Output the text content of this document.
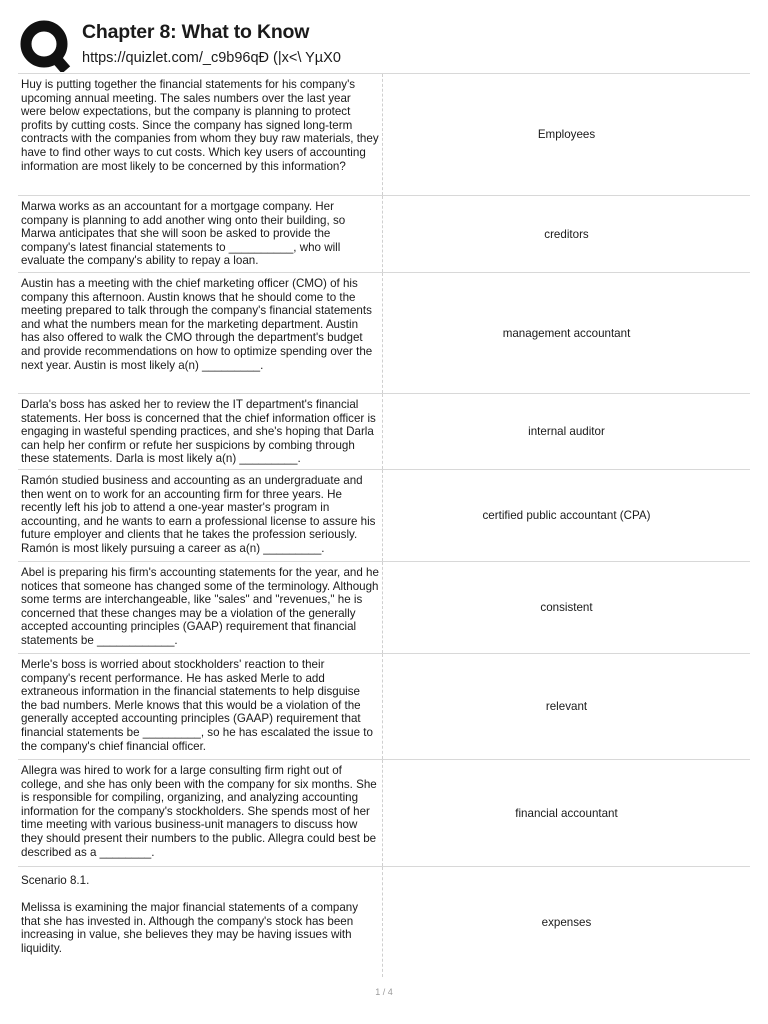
Chapter 8: What to Know
https://quizlet.com/_c9b96qÐ (|x<\ YµX0
Huy is putting together the financial statements for his company's upcoming annual meeting. The sales numbers over the last year were below expectations, but the company is planning to protect profits by cutting costs. Since the company has signed long-term contracts with the companies from whom they buy raw materials, they have to find other ways to cut costs. Which key users of accounting information are most likely to be concerned by this information?
Employees
Marwa works as an accountant for a mortgage company. Her company is planning to add another wing onto their building, so Marwa anticipates that she will soon be asked to provide the company's latest financial statements to __________, who will evaluate the company's ability to repay a loan.
creditors
Austin has a meeting with the chief marketing officer (CMO) of his company this afternoon. Austin knows that he should come to the meeting prepared to talk through the company's financial statements and what the numbers mean for the marketing department. Austin has also offered to walk the CMO through the department's budget and provide recommendations on how to optimize spending over the next year. Austin is most likely a(n) _________.
management accountant
Darla's boss has asked her to review the IT department's financial statements. Her boss is concerned that the chief information officer is engaging in wasteful spending practices, and she's hoping that Darla can help her confirm or refute her suspicions by combing through these statements. Darla is most likely a(n) _________.
internal auditor
Ramón studied business and accounting as an undergraduate and then went on to work for an accounting firm for three years. He recently left his job to attend a one-year master's program in accounting, and he wants to earn a professional license to assure his future employer and clients that he takes the profession seriously. Ramón is most likely pursuing a career as a(n) _________.
certified public accountant (CPA)
Abel is preparing his firm's accounting statements for the year, and he notices that someone has changed some of the terminology. Although some terms are interchangeable, like "sales" and "revenues," he is concerned that these changes may be a violation of the generally accepted accounting principles (GAAP) requirement that financial statements be ____________.
consistent
Merle's boss is worried about stockholders' reaction to their company's recent performance. He has asked Merle to add extraneous information in the financial statements to help disguise the bad numbers. Merle knows that this would be a violation of the generally accepted accounting principles (GAAP) requirement that financial statements be _________, so he has escalated the issue to the company's chief financial officer.
relevant
Allegra was hired to work for a large consulting firm right out of college, and she has only been with the company for six months. She is responsible for compiling, organizing, and analyzing accounting information for the company's stockholders. She spends most of her time meeting with various business-unit managers to discuss how they should present their numbers to the public. Allegra could best be described as a ________.
financial accountant
Scenario 8.1.

Melissa is examining the major financial statements of a company that she has invested in. Although the company's stock has been increasing in value, she believes they may be having issues with liquidity.
expenses
1 / 4
